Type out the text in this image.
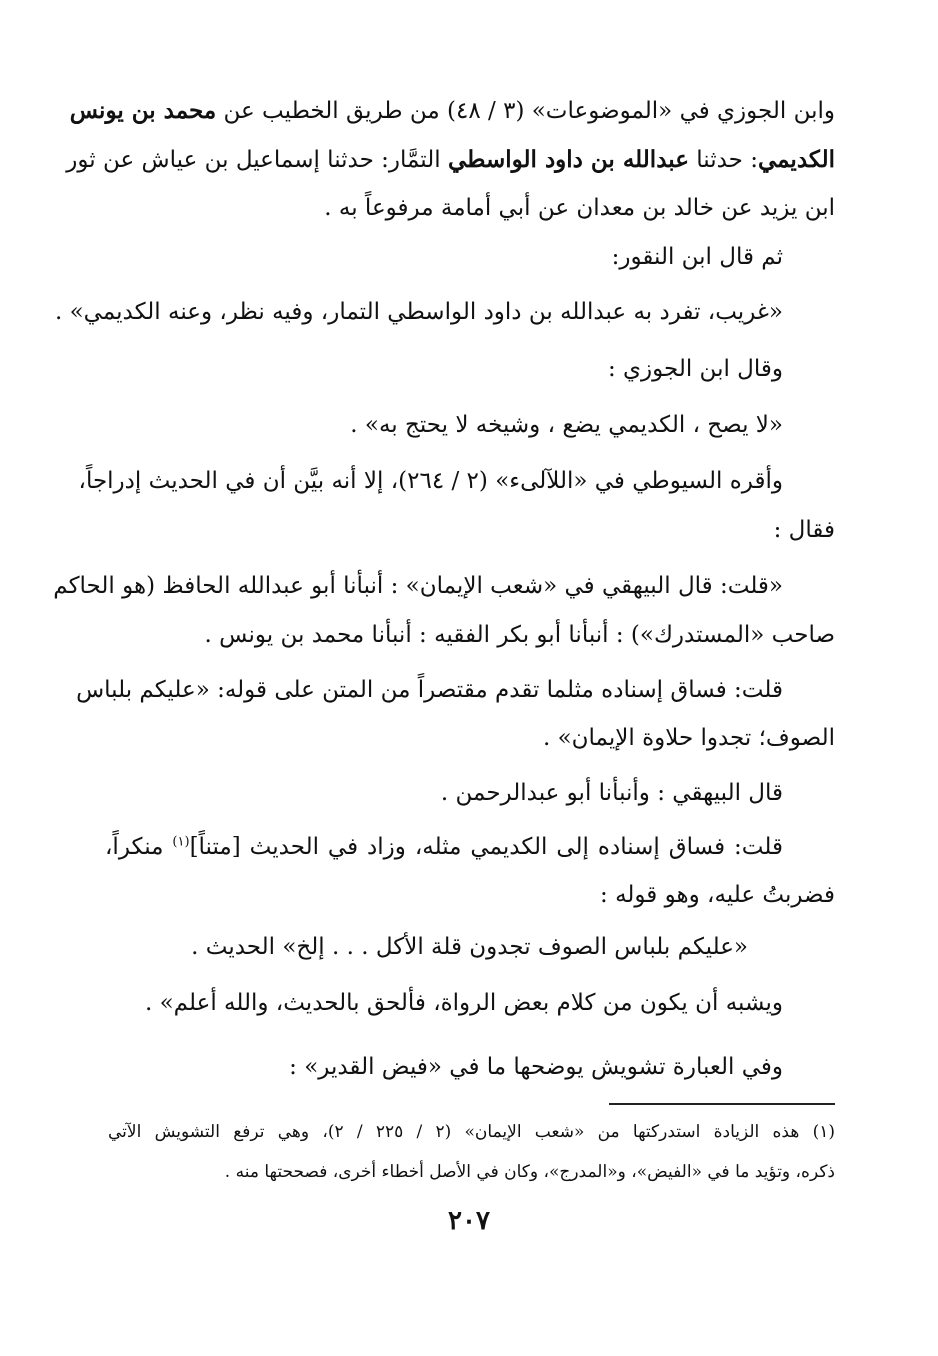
وابن الجوزي في «الموضوعات» (٣ / ٤٨) من طريق الخطيب عن محمد بن يونس
الكديمي: حدثنا عبدالله بن داود الواسطي التمَّار: حدثنا إسماعيل بن عياش عن ثور
ابن يزيد عن خالد بن معدان عن أبي أمامة مرفوعاً به .
ثم قال ابن النقور:
«غريب، تفرد به عبدالله بن داود الواسطي التمار، وفيه نظر، وعنه الكديمي» .
وقال ابن الجوزي :
«لا يصح ، الكديمي يضع ، وشيخه لا يحتج به» .
وأقره السيوطي في «اللآلىء» (٢ / ٢٦٤)، إلا أنه بيَّن أن في الحديث إدراجاً،
فقال :
«قلت: قال البيهقي في «شعب الإيمان» : أنبأنا أبو عبدالله الحافظ (هو الحاكم
صاحب «المستدرك») : أنبأنا أبو بكر الفقيه : أنبأنا محمد بن يونس .
قلت: فساق إسناده مثلما تقدم مقتصراً من المتن على قوله: «عليكم بلباس
الصوف؛ تجدوا حلاوة الإيمان» .
قال البيهقي : وأنبأنا أبو عبدالرحمن .
قلت: فساق إسناده إلى الكديمي مثله، وزاد في الحديث [متناً]$^{(١)}$ منكراً،
فضربتُ عليه، وهو قوله :
«عليكم بلباس الصوف تجدون قلة الأكل . . . إلخ» الحديث .
ويشبه أن يكون من كلام بعض الرواة، فألحق بالحديث، والله أعلم» .
وفي العبارة تشويش يوضحها ما في «فيض القدير» :
(١) هذه الزيادة استدركتها من «شعب الإيمان» (٢ / ٢٢٥ / ٢)، وهي ترفع التشويش الآتي
ذكره، وتؤيد ما في «الفيض»، و«المدرج»، وكان في الأصل أخطاء أخرى، فصححتها منه .
٢٠٧
